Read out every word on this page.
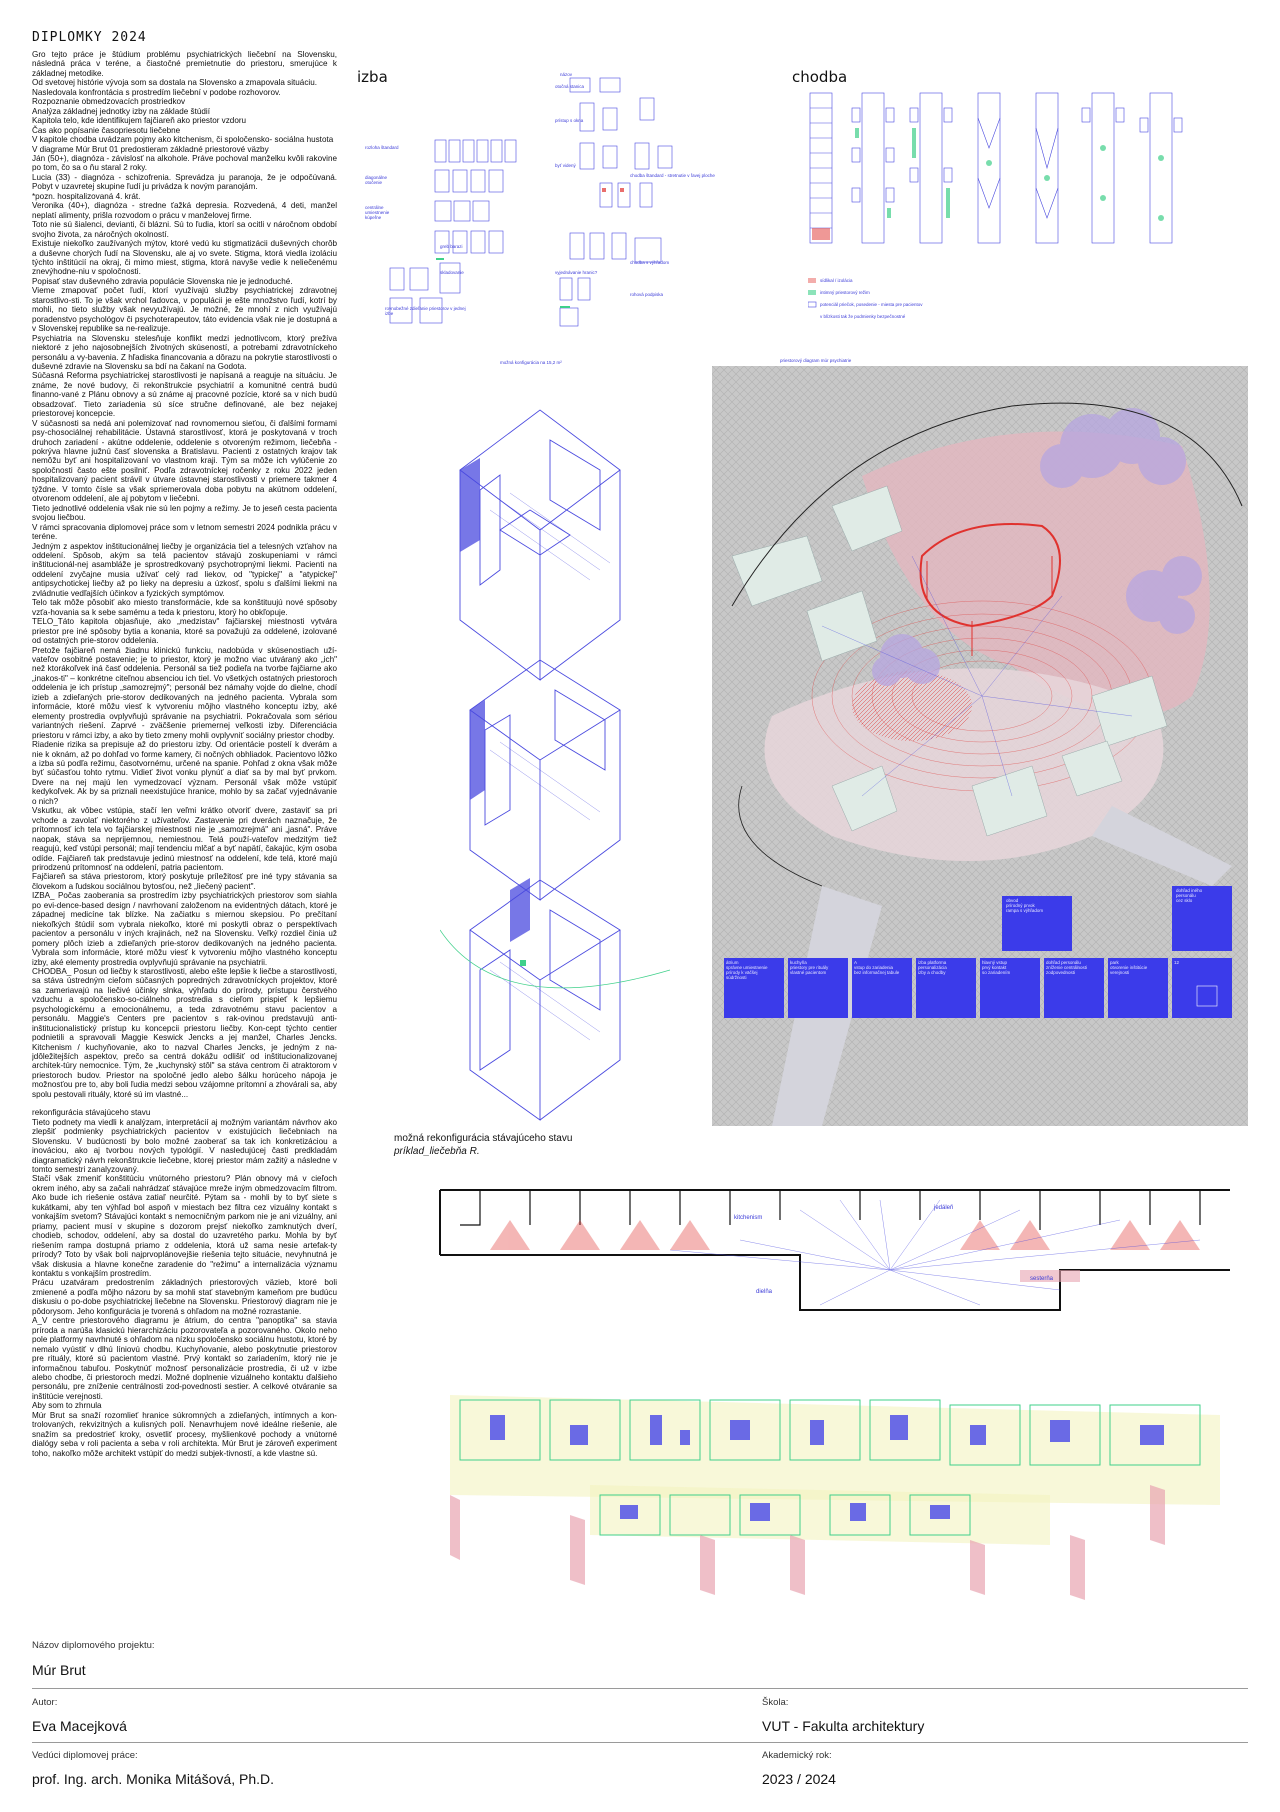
DIPLOMKY 2024

Gro tejto práce je štúdium problému psychiatrických liečební na Slovensku, následná práca v teréne, a čiastočné premietnutie do priestoru, smerujúce k základnej metodike.

Od svetovej histórie vývoja som sa dostala na Slovensko a zmapovala situáciu.

Nasledovala konfrontácia s prostredím liečební v podobe rozhovorov.

Rozpoznanie obmedzovacích prostriedkov

Analýza základnej jednotky izby na základe štúdií

Kapitola telo, kde identifikujem fajčiareň ako priestor vzdoru

Čas ako popísanie časopriesotu liečebne

V kapitole chodba uvádzam pojmy ako kitchenism, či spoločensko- sociálna hustota

V diagrame Múr Brut 01 predostieram základné priestorové väzby

Ján (50+), diagnóza - závislosť na alkohole. Práve pochoval manželku kvôli rakovine po tom, čo sa o ňu staral 2 roky.

Lucia (33) - diagnóza - schizofrenia. Sprevádza ju paranoja, že je odpočúvaná. Pobyt v uzavretej skupine ľudí ju privádza k novým paranojám.

*pozn. hospitalizovaná 4. krát.

Veronika (40+), diagnóza - stredne ťažká depresia. Rozvedená, 4 deti, manžel neplatí alimenty, prišla rozvodom o prácu v manželovej firme.

Toto nie sú šialenci, devianti, či blázni. Sú to ľudia, ktorí sa ocitli v náročnom období svojho života, za náročných okolností.

Existuje niekoľko zaužívaných mýtov, ktoré vedú ku stigmatizácii duševných chorôb a duševne chorých ľudí na Slovensku, ale aj vo svete. Stigma, ktorá viedla izoláciu týchto inštitúcií na okraj, či mimo miest, stigma, ktorá navyše vedie k neliečenému znevýhodne-niu v spoločnosti.

Popisať stav duševného zdravia populácie Slovenska nie je jednoduché.

Vieme zmapovať počet ľudí, ktorí využívajú služby psychiatrickej zdravotnej starostlivo-sti. To je však vrchol ľadovca, v populácii je ešte množstvo ľudí, kotrí by mohli, no tieto služby však nevyužívajú. Je možné, že mnohí z nich využívajú poradenstvo psychológov či psychoterapeutov, táto evidencia však nie je dostupná a v Slovenskej republike sa ne-realizuje.

Psychiatria na Slovensku stelesňuje konflikt medzi jednotlivcom, ktorý prežíva niektoré z jeho najosobnejších životných skúseností, a potrebami zdravotníckeho personálu a vy-bavenia. Z hľadiska financovania a dôrazu na pokrytie starostlivosti o duševné zdravie na Slovensku sa bdí na čakaní na Godota.

Súčasná Reforma psychiatrickej starostlivosti je napísaná a reaguje na situáciu. Je známe, že nové budovy, či rekonštrukcie psychiatrií a komunitné centrá budú finanno-vané z Plánu obnovy a sú známe aj pracovné pozície, ktoré sa v nich budú obsadzovať. Tieto zariadenia sú síce stručne definované, ale bez nejakej priestorovej koncepcie.

V súčasnosti sa nedá ani polemizovať nad rovnomernou sieťou, či ďalšími formami psy-chosociálnej rehabilitácie. Ústavná starostlivosť, ktorá je poskytovaná v troch druhoch zariadení - akútne oddelenie, oddelenie s otvoreným režimom, liečebňa - pokrýva hlavne južnú časť slovenska a Bratislavu. Pacienti z ostatných krajov tak nemôžu byť ani hospitalizovaní vo vlastnom kraji. Tým sa môže ich vylúčenie zo spoločnosti často ešte posilniť. Podľa zdravotníckej ročenky z roku 2022 jeden hospitalizovaný pacient strávil v útvare ústavnej starostlivosti v priemere takmer 4 týždne. V tomto čísle sa však spriemerovala doba pobytu na akútnom oddelení, otvorenom oddelení, ale aj pobytom v liečebni.

Tieto jednotlivé oddelenia však nie sú len pojmy a režimy. Je to jeseň cesta pacienta svojou liečbou.

V rámci spracovania diplomovej práce som v letnom semestri 2024 podnikla prácu v teréne.

Jedným z aspektov inštitucionálnej liečby je organizácia tiel a telesných vzťahov na oddelení. Spôsob, akým sa telá pacientov stávajú zoskupeniami v rámci inštitucionál-nej asambláže je sprostredkovaný psychotropnými liekmi. Pacienti na oddelení zvyčajne musia užívať celý rad liekov, od "typickej" a "atypickej" antipsychotickej liečby až po lieky na depresiu a úzkosť, spolu s ďalšími liekmi na zvládnutie vedľajších účinkov a fyzických symptómov.

Telo tak môže pôsobiť ako miesto transformácie, kde sa konštituujú nové spôsoby vzťa-hovania sa k sebe samému a teda k priestoru, ktorý ho obkľopuje.

TELO_Táto kapitola objasňuje, ako „medzistav" fajčiarskej miestnosti vytvára priestor pre iné spôsoby bytia a konania, ktoré sa považujú za oddelené, izolované od ostatných prie-storov oddelenia.

Pretože fajčiareň nemá žiadnu klinickú funkciu, nadobúda v skúsenostiach uží-vateľov osobitné postavenie; je to priestor, ktorý je možno viac utváraný ako „ich" než ktorákoľvek iná časť oddelenia. Personál sa tiež podieľa na tvorbe fajčiarne ako „inakos-ti" – konkrétne citeľnou absenciou ich tiel. Vo všetkých ostatných priestoroch oddelenia je ich prístup „samozrejmý"; personál bez námahy vojde do dielne, chodí izieb a zdieľaných prie-storov dedikovaných na jedného pacienta. Vybrala som informácie, ktoré môžu viesť k vytvoreniu môjho vlastného konceptu izby, aké elementy prostredia ovplyvňujú správanie na psychiatrii. Pokračovala som sériou variantných riešení. Zaprvé - zväčšenie priemernej veľkosti izby. Diferenciácia priestoru v rámci izby, a ako by tieto zmeny mohli ovplyvniť sociálny priestor chodby.

Riadenie rizika sa prepisuje až do priestoru izby. Od orientácie postelí k dverám a nie k oknám, až po dohľad vo forme kamery, či nočných obhliadok. Pacientovo lôžko a izba sú podľa režimu, časotvornému, určené na spanie. Pohľad z okna však môže byť súčasťou tohto rytmu. Vidieť život vonku plynúť a diať sa by mal byť prvkom. Dvere na nej majú len vymedzovací význam. Personál však môže vstúpiť kedykoľvek. Ak by sa priznali neexistujúce hranice, mohlo by sa začať vyjednávanie o nich?

Vskutku, ak vôbec vstúpia, stačí len veľmi krátko otvoriť dvere, zastaviť sa pri vchode a zavolať niektorého z užívateľov. Zastavenie pri dverách naznačuje, že prítomnosť ich tela vo fajčiarskej miestnosti nie je „samozrejmá" ani „jasná". Práve naopak, stáva sa neprijemnou, nemiestnou. Telá použí-vateľov medzitým tiež reagujú, keď vstúpi personál; mají tendenciu mlčať a byť napätí, čakajúc, kým osoba odíde. Fajčiareň tak predstavuje jedinú miestnosť na oddelení, kde telá, ktoré majú prirodzenú prítomnosť na oddelení, patria pacientom.

Fajčiareň sa stáva priestorom, ktorý poskytuje príležitosť pre iné typy stávania sa človekom a ľudskou sociálnou bytosťou, než „liečený pacient".

IZBA_ Počas zaoberania sa prostredím izby psychiatrických priestorov som siahla po evi-dence-based design / navrhovaní založenom na evidentných dátach, ktoré je západnej medicíne tak blízke. Na začiatku s miernou skepsiou. Po prečítaní niekoľkých štúdií som vybrala niekoľko, ktoré mi poskytli obraz o perspektívach pacientov a personálu v iných krajinách, než na Slovensku. Veľký rozdiel činia už pomery plôch izieb a zdieľaných prie-storov dedikovaných na jedného pacienta. Vybrala som informácie, ktoré môžu viesť k vytvoreniu môjho vlastného konceptu izby, aké elementy prostredia ovplyvňujú správanie na psychiatrii.

CHODBA_ Posun od liečby k starostlivosti, alebo ešte lepšie k liečbe a starostlivosti, sa stáva ústredným cieľom súčasných popredných zdravotníckych projektov, ktoré sa zameriavajú na liečivé účinky slnka, výhľadu do prírody, prístupu čerstvého vzduchu a spoločensko-so-ciálneho prostredia s cieľom prispieť k lepšiemu psychologickému a emocionálnemu, a teda zdravotnému stavu pacientov a personálu. Maggie's Centers pre pacientov s rak-ovinou predstavujú anti-inštitucionalistický prístup ku koncepcii priestoru liečby. Kon-cept týchto centier podnietili a spravovali Maggie Keswick Jencks a jej manžel, Charles Jencks. Kitchenism / kuchyňovanie, ako to nazval Charles Jencks, je jedným z na-jdôležitejších aspektov, prečo sa centrá dokážu odlišiť od inštitucionalizovanej architek-túry nemocnice. Tým, že „kuchynský stôl" sa stáva centrom či atraktorom v priestoroch budov. Priestor na spoločné jedlo alebo šálku horúceho nápoja je možnosťou pre to, aby boli ľudia medzi sebou vzájomne prítomní a zhovárali sa, aby spolu pestovali rituály, ktoré sú im vlastné...

rekonfigurácia stávajúceho stavu

Tieto podnety ma viedli k analýzam, interpretácií aj možným variantám návrhov ako zlepšiť podmienky psychiatrických pacientov v existujúcich liečebniach na Slovensku. V budúcnosti by bolo možné zaoberať sa tak ich konkretizáciou a inováciou, ako aj tvorbou nových typológií. V nasledujúcej časti predkladám diagramatický návrh rekonštrukcie liečebne, ktorej priestor mám zažitý a následne v tomto semestri zanalyzovaný.

Stačí však zmeniť konštitúciu vnútorného priestoru? Plán obnovy má v cieľoch okrem iného, aby sa začali nahrádzať stávajúce mreže iným obmedzovacím filtrom. Ako bude ich riešenie ostáva zatiaľ neurčité. Pýtam sa - mohli by to byť siete s kukátkami, aby ten výhľad bol aspoň v miestach bez filtra cez vizuálny kontakt s vonkajším svetom? Stávajúci kontakt s nemocničným parkom nie je ani vizuálny, ani priamy, pacient musí v skupine s dozorom prejsť niekoľko zamknutých dverí, chodieb, schodov, oddelení, aby sa dostal do uzavretého parku. Mohla by byť riešením rampa dostupná priamo z oddelenia, ktorá už sama nesie artefak-ty prírody? Toto by však boli najprvoplánovejšie riešenia tejto situácie, nevyhnutná je však diskusia a hlavne konečne zaradenie do "režimu" a internalizácia významu kontaktu s vonkajším prostredím.

Prácu uzatváram predostrením základných priestorových väzieb, ktoré boli zmienené a podľa môjho názoru by sa mohli stať stavebným kameňom pre budúcu diskusiu o po-dobe psychiatrickej liečebne na Slovensku. Priestorový diagram nie je pôdorysom. Jeho konfigurácia je tvorená s ohľadom na možné rozrastanie.

A_V centre priestorového diagramu je átrium, do centra "panoptika" sa stavia príroda a narúša klasickú hierarchizáciu pozorovateľa a pozorovaného. Okolo neho pole platformy navrhnuté s ohľadom na nízku spoločensko sociálnu hustotu, ktoré by nemalo vyústiť v dlhú líniovú chodbu. Kuchyňovanie, alebo poskytnutie priestorov pre rituály, ktoré sú pacientom vlastné. Prvý kontakt so zariadením, ktorý nie je informačnou tabuľou. Poskytnúť možnosť personalizácie prostredia, či už v izbe alebo chodbe, či priestoroch medzi. Možné doplnenie vizuálneho kontaktu ďalšieho personálu, pre zníženie centrálnosti zod-povednosti sestier. A celkové otváranie sa inštitúcie verejnosti.

Aby som to zhrnula

Múr Brut sa snaží rozomlieť hranice súkromných a zdieľaných, intímnych a kon-trolovaných, rekvizitných a kulisných polí. Nenavrhujem nové ideálne riešenie, ale snažím sa predostrieť kroky, osvetliť procesy, myšlienkové pochody a vnútorné dialógy seba v roli pacienta a seba v roli architekta. Múr Brut je zároveň experiment toho, nakoľko môže architekt vstúpiť do medzi subjek-tivností, a kde vlastne sú.

izba
rozloha štandard
diagonálne otočenie
centrálne umiestnenie kúpeľne
greb barazi
skladovanie
rovnobežné zdieľanie priestorov v jednej izbe
názov
otočná stanica
prístup s okna
byť videný
chodba štandard - stretnutie v ľavej ploche
chodba s výhľadom
vyjednávanie hranic?
rohová podpiska
chodba
sídlikal / izolácia
intimný priestorový režim
potenciál priečok, posedenie - miesta pre pacientov
v blízkosti tak že podmienky bezpečnostné
možná konfigurácia na 15,2 m²
možná rekonfigurácia stávajúceho stavu
príklad_liečebňa R.
priestorový diagram múr psychiatrie
átrium
správne umiestnenie
prírody k väčšej súdržnosti
kuchyňa
priestory pre rituály
vlastné pacientom
A
vstup do zariadenia
bez informačnej tabule
izba platforma
personalizácia
izby a chodby
hlavný vstup
prvý kontakt
so zariadením
dohľad personálu
zníženie centrálnosti
zodpovednosti
park
otvorenie inštitúcie
verejnosti
12
obvod
prírodný prvok
rampa s výhľadom
dohľad iného
personálu
cez sklo
kitchenism
jedáleň
dielňa
sesterňa
Názov diplomového projektu:
Múr Brut
Autor:
Eva Macejková
Škola:
VUT - Fakulta architektury
Vedúci diplomovej práce:
prof. Ing. arch. Monika Mitášová, Ph.D.
Akademický rok:
2023 / 2024
